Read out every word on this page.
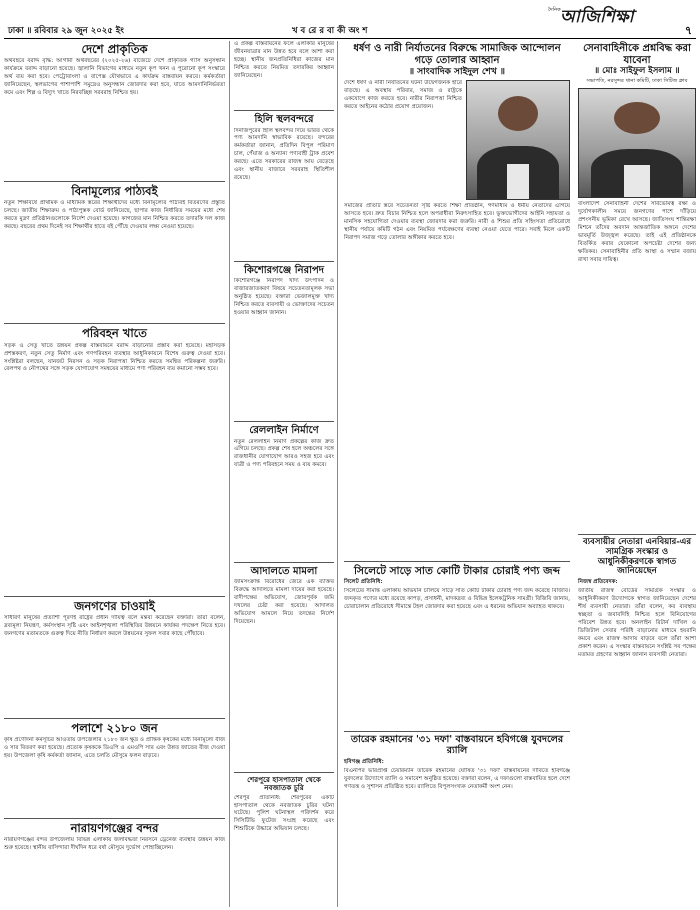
ঢাকা ॥ রবিবার ২৯ জুন ২০২৫ ইং	খ ব রে র বা কী অং শ
দৈনিক আজিশিক্ষা
৭
দেশে প্রাকৃতিক

অর্থবছরে বরাদ্দ বৃদ্ধি: আগামী অর্থবছরের (২০২৫-২৬) বাজেটে দেশে প্রাকৃতিক গ্যাস অনুসন্ধান কার্যক্রমে বরাদ্দ বাড়ানো হয়েছে। জ্বালানি বিভাগের মাধ্যমে নতুন কূপ খনন ও পুরোনো কূপ সংস্কারে অর্থ ব্যয় করা হবে। পেট্রোবাংলা ও বাপেক্স যৌথভাবে এ কার্যক্রম বাস্তবায়ন করবে। কর্মকর্তারা জানিয়েছেন, স্থলভাগের পাশাপাশি সমুদ্রেও অনুসন্ধান জোরদার করা হবে, যাতে আমদানিনির্ভরতা কমে এবং শিল্প ও বিদ্যুৎ খাতে নিরবচ্ছিন্ন সরবরাহ নিশ্চিত হয়।

বিনামূল্যের পাঠ্যবই

নতুন শিক্ষাবর্ষে প্রাথমিক ও মাধ্যমিক স্তরের শিক্ষার্থীদের মধ্যে বিনামূল্যের পাঠ্যবই বিতরণের প্রস্তুতি চলছে। জাতীয় শিক্ষাক্রম ও পাঠ্যপুস্তক বোর্ড জানিয়েছে, ছাপার কাজ নির্ধারিত সময়ের মধ্যে শেষ করতে মুদ্রণ প্রতিষ্ঠানগুলোকে নির্দেশ দেওয়া হয়েছে। কাগজের মান নিশ্চিত করতে তদারকি দল কাজ করছে। বছরের প্রথম দিনেই সব শিক্ষার্থীর হাতে বই পৌঁছে দেওয়ার লক্ষ্য নেওয়া হয়েছে।

পরিবহন খাতে

সড়ক ও সেতু খাতে উন্নয়ন প্রকল্প বাস্তবায়নে বরাদ্দ বাড়ানোর প্রস্তাব করা হয়েছে। মহাসড়ক প্রশস্তকরণ, নতুন সেতু নির্মাণ এবং গণপরিবহন ব্যবস্থার আধুনিকায়নে বিশেষ গুরুত্ব দেওয়া হবে। সংশ্লিষ্টরা বলছেন, যানজট নিরসন ও সড়ক নিরাপত্তা নিশ্চিত করতে সমন্বিত পরিকল্পনা জরুরি। রেলপথ ও নৌপথের সঙ্গে সড়ক যোগাযোগ সমন্বয়ের মাধ্যমে পণ্য পরিবহন ব্যয় কমানো সম্ভব হবে।

জনগণের চাওয়াই

সাধারণ মানুষের প্রত্যাশা পূরণই রাষ্ট্রের প্রধান দায়িত্ব বলে মন্তব্য করেছেন বক্তারা। তাঁরা বলেন, দ্রব্যমূল্য নিয়ন্ত্রণ, কর্মসংস্থান সৃষ্টি এবং আইনশৃঙ্খলা পরিস্থিতির উন্নয়নে কার্যকর পদক্ষেপ নিতে হবে। জনগণের মতামতকে গুরুত্ব দিয়ে নীতি নির্ধারণ করলে উন্নয়নের সুফল সবার কাছে পৌঁছাবে।

পলাশে ২১৮০ জন

কৃষি প্রণোদনা কর্মসূচির আওতায় উপজেলার ২১৮০ জন ক্ষুদ্র ও প্রান্তিক কৃষকের মধ্যে বিনামূল্যে বীজ ও সার বিতরণ করা হয়েছে। প্রত্যেক কৃষককে ডিএপি ও এমওপি সার এবং উন্নত জাতের বীজ দেওয়া হয়। উপজেলা কৃষি কর্মকর্তা জানান, এতে চলতি মৌসুমে ফলন বাড়বে।

নারায়ণগঞ্জের বন্দর

নারায়ণগঞ্জের বন্দর উপজেলায় বিভিন্ন এলাকায় জলাবদ্ধতা নিরসনে ড্রেনেজ ব্যবস্থার উন্নয়ন কাজ শুরু হয়েছে। স্থানীয় বাসিন্দারা দীর্ঘদিন ধরে বর্ষা মৌসুমে দুর্ভোগ পোহাচ্ছিলেন।

এ প্রকল্প বাস্তবায়নের ফলে এলাকার মানুষের জীবনযাত্রার মান উন্নত হবে বলে আশা করা হচ্ছে। স্থানীয় জনপ্রতিনিধিরা কাজের মান নিশ্চিত করতে নিয়মিত তদারকির আহ্বান জানিয়েছেন।

হিলি স্থলবন্দরে

দিনাজপুরের হিলি স্থলবন্দর দিয়ে ভারত থেকে পণ্য আমদানি স্বাভাবিক রয়েছে। বন্দরের কর্মকর্তারা জানান, প্রতিদিন বিপুল পরিমাণ চাল, পেঁয়াজ ও অন্যান্য পণ্যবাহী ট্রাক প্রবেশ করছে। এতে সরকারের রাজস্ব আয় বেড়েছে এবং স্থানীয় বাজারে সরবরাহ স্থিতিশীল রয়েছে।

কিশোরগঞ্জে নিরাপদ

কিশোরগঞ্জে নিরাপদ খাদ্য উৎপাদন ও বাজারজাতকরণ বিষয়ে সচেতনতামূলক সভা অনুষ্ঠিত হয়েছে। বক্তারা ভেজালমুক্ত খাদ্য নিশ্চিত করতে ব্যবসায়ী ও ভোক্তাদের সচেতন হওয়ার আহ্বান জানান।

রেললাইন নির্মাণে

নতুন রেললাইন নির্মাণ প্রকল্পের কাজ দ্রুত এগিয়ে চলছে। প্রকল্প শেষ হলে অঞ্চলের সঙ্গে রাজধানীর যোগাযোগ আরও সহজ হবে এবং যাত্রী ও পণ্য পরিবহনে সময় ও ব্যয় কমবে।

আদালতে মামলা

জমিসংক্রান্ত বিরোধের জেরে এক ব্যক্তির বিরুদ্ধে আদালতে মামলা দায়ের করা হয়েছে। বাদীপক্ষের অভিযোগ, জোরপূর্বক জমি দখলের চেষ্টা করা হয়েছে। আদালত অভিযোগ আমলে নিয়ে তদন্তের নির্দেশ দিয়েছেন।

শেরপুরে হাসপাতাল থেকে নবজাতক চুরি

শেরপুর প্রতিনিধি: শেরপুরের একটি হাসপাতাল থেকে নবজাতক চুরির ঘটনা ঘটেছে। পুলিশ ঘটনাস্থল পরিদর্শন করে সিসিটিভি ফুটেজ সংগ্রহ করেছে এবং শিশুটিকে উদ্ধারে অভিযান চলছে।

ধর্ষণ ও নারী নির্যাতনের বিরুদ্ধে সামাজিক আন্দোলন গড়ে তোলার আহ্বান
॥ সাংবাদিক সাইদুল শেখ ॥

দেশে ধর্ষণ ও নারী নির্যাতনের ঘটনা উদ্বেগজনক হারে বাড়ছে। এ অবস্থায় পরিবার, সমাজ ও রাষ্ট্রকে একযোগে কাজ করতে হবে। নারীর নিরাপত্তা নিশ্চিত করতে আইনের কঠোর প্রয়োগ প্রয়োজন।

সমাজের প্রতিটি স্তরে সচেতনতা সৃষ্টি করতে শিক্ষা প্রতিষ্ঠান, গণমাধ্যম ও ধর্মীয় নেতাদের এগিয়ে আসতে হবে। দ্রুত বিচার নিশ্চিত হলে অপরাধীরা নিরুৎসাহিত হবে। ভুক্তভোগীদের আইনি সহায়তা ও মানসিক সহযোগিতা দেওয়ার ব্যবস্থা জোরদার করা জরুরি। নারী ও শিশুর প্রতি সহিংসতা প্রতিরোধে স্থানীয় পর্যায়ে কমিটি গঠন এবং নিয়মিত পর্যবেক্ষণের ব্যবস্থা নেওয়া যেতে পারে। সবাই মিলে একটি নিরাপদ সমাজ গড়ে তোলার অঙ্গীকার করতে হবে।

সিলেটে সাড়ে সাত কোটি টাকার চোরাই পণ্য জব্দ
সিলেট প্রতিনিধি:

সিলেটের সীমান্ত এলাকায় অভিযান চালিয়ে সাড়ে সাত কোটি টাকার চোরাই পণ্য জব্দ করেছে বিজিবি। জব্দকৃত পণ্যের মধ্যে রয়েছে কাপড়, প্রসাধনী, মাদকদ্রব্য ও বিভিন্ন ইলেকট্রনিক সামগ্রী। বিজিবি জানায়, চোরাচালান প্রতিরোধে সীমান্তে টহল জোরদার করা হয়েছে এবং এ ধরনের অভিযান অব্যাহত থাকবে।

তারেক রহমানের '৩১ দফা' বাস্তবায়নে হবিগঞ্জে যুবদলের র‍্যালি
হবিগঞ্জ প্রতিনিধি:

বিএনপির ভারপ্রাপ্ত চেয়ারম্যান তারেক রহমানের ঘোষিত '৩১ দফা' বাস্তবায়নের দাবিতে হবিগঞ্জে যুবদলের উদ্যোগে র‍্যালি ও সমাবেশ অনুষ্ঠিত হয়েছে। বক্তারা বলেন, এ দফাগুলো বাস্তবায়িত হলে দেশে গণতন্ত্র ও সুশাসন প্রতিষ্ঠিত হবে। র‍্যালিতে বিপুলসংখ্যক নেতাকর্মী অংশ নেন।

সেনাবাহিনীকে প্রশ্নবিদ্ধ করা যাবেনা
॥ মোঃ সাইফুল ইসলাম ॥
সভাপতি, নরসুন্দর থানা কমিটি, ঢাকা সিটিজ ক্লাব

বাংলাদেশ সেনাবাহিনী দেশের সার্বভৌমত্ব রক্ষা ও দুর্যোগকালীন সময়ে জনগণের পাশে দাঁড়িয়ে প্রশংসনীয় ভূমিকা রেখে আসছে। জাতিসংঘ শান্তিরক্ষা মিশনে তাঁদের অবদান আন্তর্জাতিক অঙ্গনে দেশের ভাবমূর্তি উজ্জ্বল করেছে। তাই এই প্রতিষ্ঠানকে বিতর্কিত করার যেকোনো অপচেষ্টা দেশের জন্য ক্ষতিকর। সেনাবাহিনীর প্রতি আস্থা ও সম্মান বজায় রাখা সবার দায়িত্ব।

ব্যবসায়ীর নেতারা এনবিয়ার-এর সামগ্রিক সংস্কার ও আধুনিকীকরণকে স্বাগত জানিয়েছেন
নিজস্ব প্রতিবেদক:

জাতীয় রাজস্ব বোর্ডের সামগ্রিক সংস্কার ও আধুনিকীকরণ উদ্যোগকে স্বাগত জানিয়েছেন দেশের শীর্ষ ব্যবসায়ী নেতারা। তাঁরা বলেন, কর ব্যবস্থায় স্বচ্ছতা ও জবাবদিহি নিশ্চিত হলে বিনিয়োগের পরিবেশ উন্নত হবে। অনলাইন রিটার্ন দাখিল ও ডিজিটাল সেবার পরিধি বাড়ানোর মাধ্যমে হয়রানি কমবে এবং রাজস্ব আদায় বাড়বে বলে তাঁরা আশা প্রকাশ করেন। এ সংস্কার বাস্তবায়নে সংশ্লিষ্ট সব পক্ষের মতামত গ্রহণের আহ্বান জানান ব্যবসায়ী নেতারা।
